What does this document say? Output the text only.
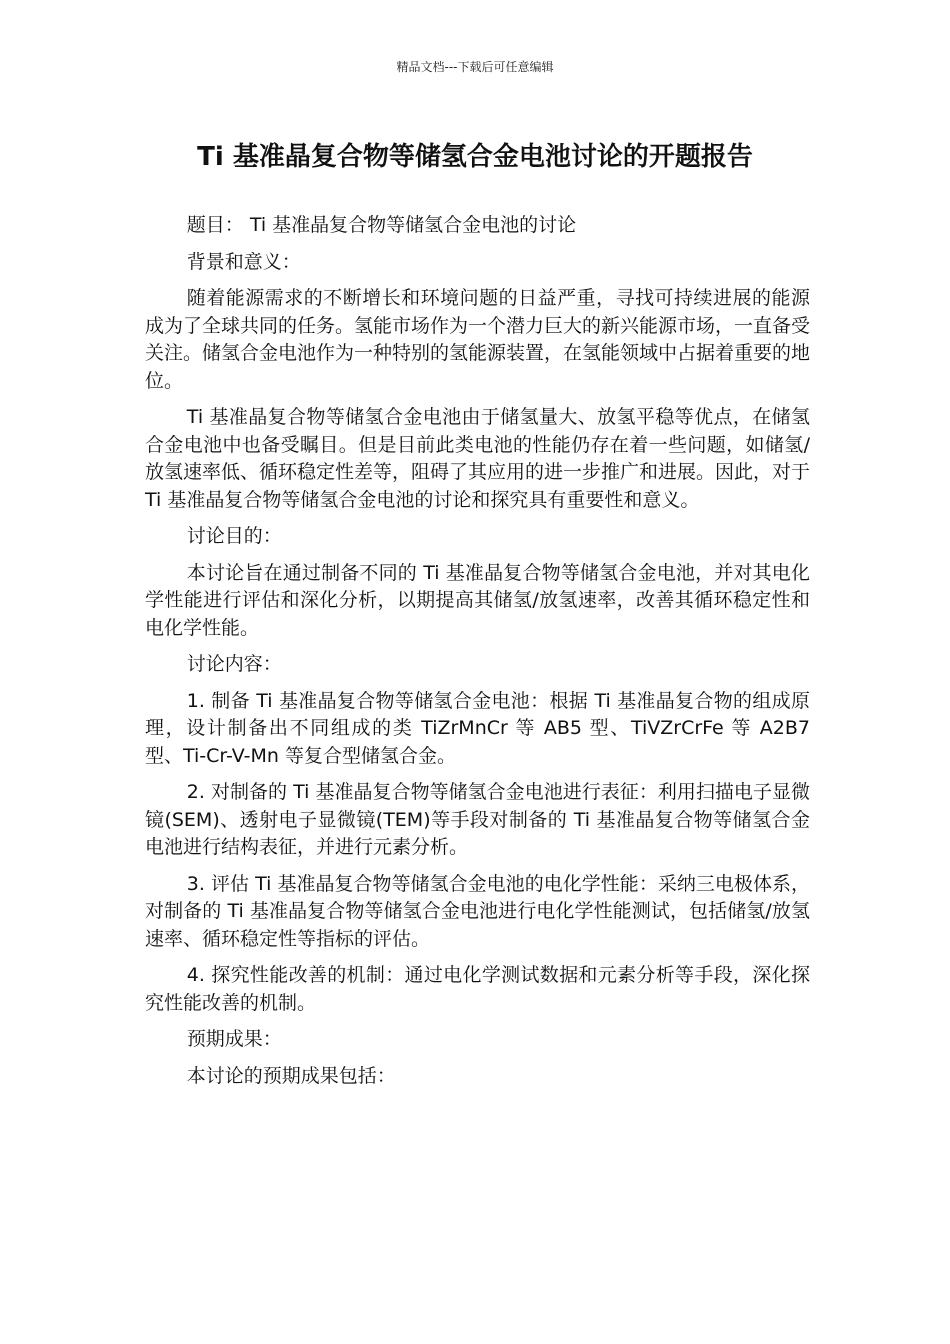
精品文档---下载后可任意编辑
Ti 基准晶复合物等储氢合金电池讨论的开题报告

题目： Ti 基准晶复合物等储氢合金电池的讨论

背景和意义：

随着能源需求的不断增长和环境问题的日益严重，寻找可持续进展的能源成为了全球共同的任务。氢能市场作为一个潜力巨大的新兴能源市场，一直备受关注。储氢合金电池作为一种特别的氢能源装置，在氢能领域中占据着重要的地位。

Ti 基准晶复合物等储氢合金电池由于储氢量大、放氢平稳等优点，在储氢合金电池中也备受瞩目。但是目前此类电池的性能仍存在着一些问题，如储氢/放氢速率低、循环稳定性差等，阻碍了其应用的进一步推广和进展。因此，对于 Ti 基准晶复合物等储氢合金电池的讨论和探究具有重要性和意义。

讨论目的：

本讨论旨在通过制备不同的 Ti 基准晶复合物等储氢合金电池，并对其电化学性能进行评估和深化分析，以期提高其储氢/放氢速率，改善其循环稳定性和电化学性能。

讨论内容：

1. 制备 Ti 基准晶复合物等储氢合金电池：根据 Ti 基准晶复合物的组成原理，设计制备出不同组成的类 TiZrMnCr 等 AB5 型、TiVZrCrFe 等 A2B7 型、Ti-Cr-V-Mn 等复合型储氢合金。

2. 对制备的 Ti 基准晶复合物等储氢合金电池进行表征：利用扫描电子显微镜(SEM)、透射电子显微镜(TEM)等手段对制备的 Ti 基准晶复合物等储氢合金电池进行结构表征，并进行元素分析。

3. 评估 Ti 基准晶复合物等储氢合金电池的电化学性能：采纳三电极体系，对制备的 Ti 基准晶复合物等储氢合金电池进行电化学性能测试，包括储氢/放氢速率、循环稳定性等指标的评估。

4. 探究性能改善的机制：通过电化学测试数据和元素分析等手段，深化探究性能改善的机制。

预期成果：

本讨论的预期成果包括：
